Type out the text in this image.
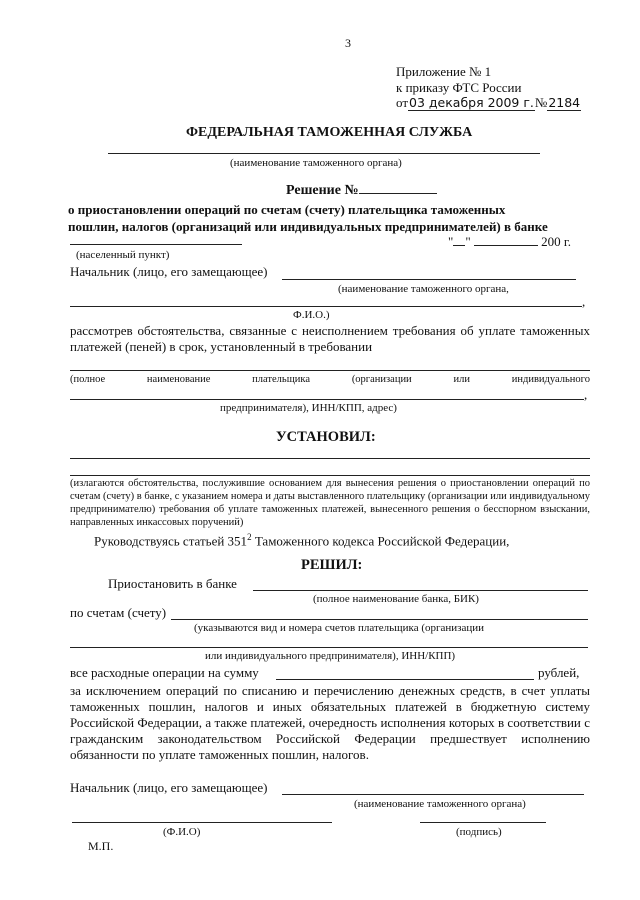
3
Приложение № 1
к приказу ФТС России
от03 декабря 2009 г.№2184
ФЕДЕРАЛЬНАЯ ТАМОЖЕННАЯ СЛУЖБА
(наименование таможенного органа)
Решение №
о приостановлении операций по счетам (счету) плательщика таможенных
пошлин, налогов (организаций или индивидуальных предпринимателей) в банке
" "	200 г.
(населенный пункт)
Начальник (лицо, его замещающее)
(наименование таможенного органа,
,
Ф.И.О.)
рассмотрев обстоятельства, связанные с неисполнением требования об уплате таможенных платежей (пеней) в срок, установленный в требовании
(полное	наименование	плательщика	(организации	или	индивидуального
,
предпринимателя), ИНН/КПП, адрес)
УСТАНОВИЛ:
(излагаются обстоятельства, послужившие основанием для вынесения решения о приостановлении операций по счетам (счету) в банке, с указанием номера и даты выставленного плательщику (организации или индивидуальному предпринимателю) требования об уплате таможенных платежей, вынесенного решения о бесспорном взыскании, направленных инкассовых поручений)
Руководствуясь статьей $351^2$ Таможенного кодекса Российской Федерации,
РЕШИЛ:
Приостановить в банке
(полное наименование банка, БИК)
по счетам (счету)
(указываются вид и номера счетов плательщика (организации
или индивидуального предпринимателя), ИНН/КПП)
все расходные операции на сумму	рублей,
за исключением операций по списанию и перечислению денежных средств, в счет уплаты таможенных пошлин, налогов и иных обязательных платежей в бюджетную систему Российской Федерации, а также платежей, очередность исполнения которых в соответствии с гражданским законодательством Российской Федерации предшествует исполнению обязанности по уплате таможенных пошлин, налогов.
Начальник (лицо, его замещающее)
(наименование таможенного органа)
(Ф.И.О)	(подпись)
М.П.
